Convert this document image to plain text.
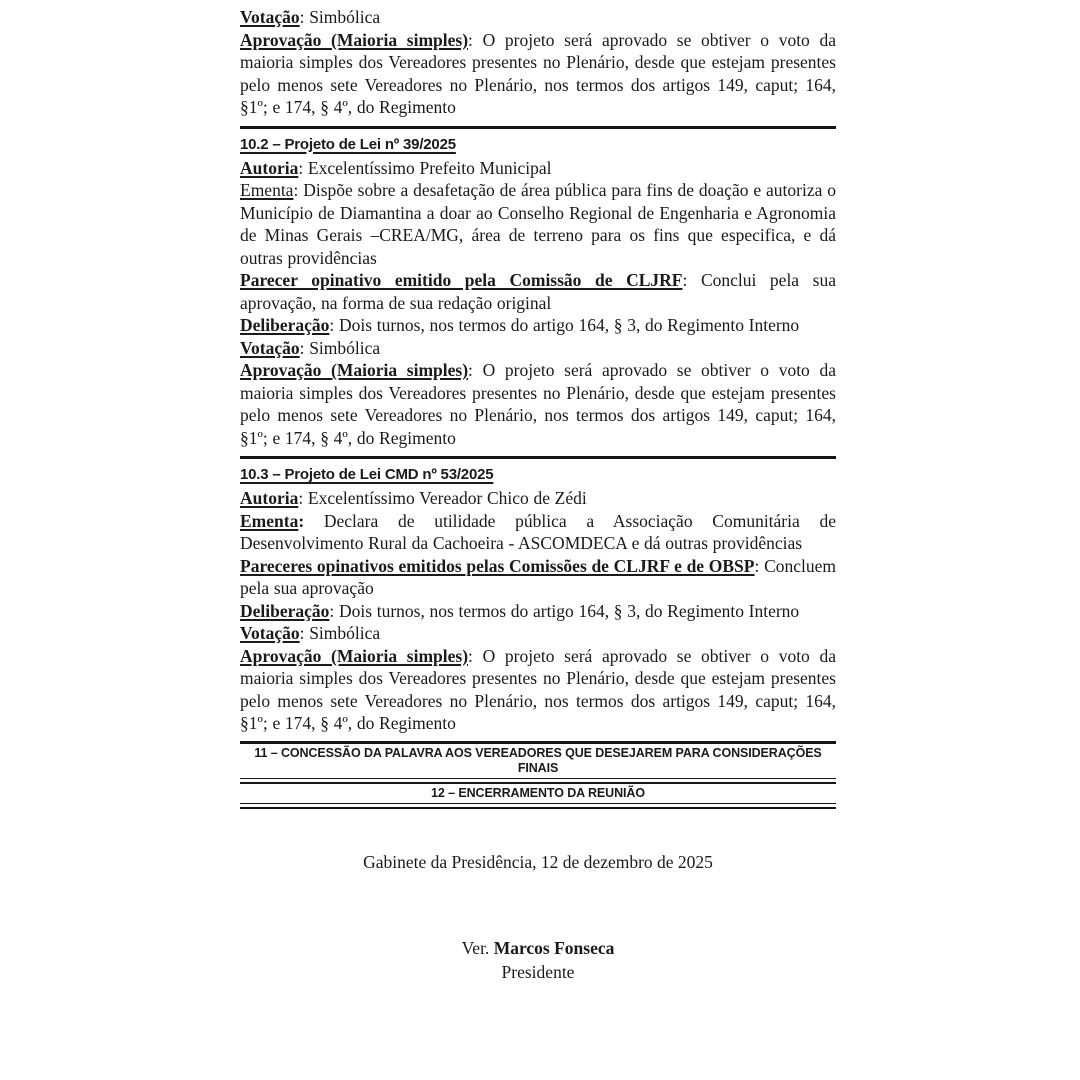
Votação: Simbólica

Aprovação (Maioria simples): O projeto será aprovado se obtiver o voto da maioria simples dos Vereadores presentes no Plenário, desde que estejam presentes pelo menos sete Vereadores no Plenário, nos termos dos artigos 149, caput; 164, §1º; e 174, § 4º, do Regimento

10.2 – Projeto de Lei nº 39/2025

Autoria: Excelentíssimo Prefeito Municipal

Ementa: Dispõe sobre a desafetação de área pública para fins de doação e autoriza o Município de Diamantina a doar ao Conselho Regional de Engenharia e Agronomia de Minas Gerais –CREA/MG, área de terreno para os fins que especifica, e dá outras providências

Parecer opinativo emitido pela Comissão de CLJRF: Conclui pela sua aprovação, na forma de sua redação original

Deliberação: Dois turnos, nos termos do artigo 164, § 3, do Regimento Interno

Votação: Simbólica

Aprovação (Maioria simples): O projeto será aprovado se obtiver o voto da maioria simples dos Vereadores presentes no Plenário, desde que estejam presentes pelo menos sete Vereadores no Plenário, nos termos dos artigos 149, caput; 164, §1º; e 174, § 4º, do Regimento

10.3 – Projeto de Lei CMD nº 53/2025

Autoria: Excelentíssimo Vereador Chico de Zédi

Ementa: Declara de utilidade pública a Associação Comunitária de Desenvolvimento Rural da Cachoeira - ASCOMDECA e dá outras providências

Pareceres opinativos emitidos pelas Comissões de CLJRF e de OBSP: Concluem pela sua aprovação

Deliberação: Dois turnos, nos termos do artigo 164, § 3, do Regimento Interno

Votação: Simbólica

Aprovação (Maioria simples): O projeto será aprovado se obtiver o voto da maioria simples dos Vereadores presentes no Plenário, desde que estejam presentes pelo menos sete Vereadores no Plenário, nos termos dos artigos 149, caput; 164, §1º; e 174, § 4º, do Regimento

11 – CONCESSÃO DA PALAVRA AOS VEREADORES QUE DESEJAREM PARA CONSIDERAÇÕES FINAIS
12 – ENCERRAMENTO DA REUNIÃO
Gabinete da Presidência, 12 de dezembro de 2025
Ver. Marcos Fonseca
Presidente
